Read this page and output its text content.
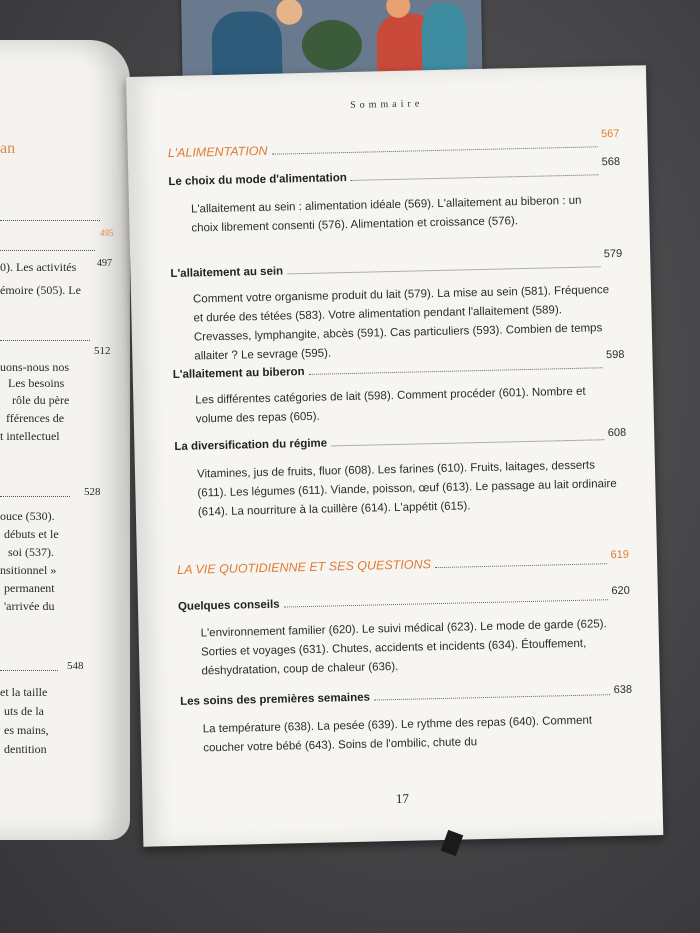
an
495
497
0). Les activités
émoire (505). Le
512
uons-nous nos
Les besoins
rôle du père
fférences de
t intellectuel
528
ouce (530).
débuts et le
soi (537).
nsitionnel »
permanent
'arrivée du
548
et la taille
uts de la
es mains,
dentition
Sommaire
L'ALIMENTATION
567
Le choix du mode d'alimentation
568
L'allaitement au sein : alimentation idéale (569). L'allaitement au biberon : un choix librement consenti (576). Alimentation et croissance (576).
L'allaitement au sein
579
Comment votre organisme produit du lait (579). La mise au sein (581). Fréquence et durée des tétées (583). Votre alimentation pendant l'allaitement (589). Crevasses, lymphangite, abcès (591). Cas particuliers (593). Combien de temps allaiter ? Le sevrage (595).
L'allaitement au biberon
598
Les différentes catégories de lait (598). Comment procéder (601). Nombre et volume des repas (605).
La diversification du régime
608
Vitamines, jus de fruits, fluor (608). Les farines (610). Fruits, laitages, desserts (611). Les légumes (611). Viande, poisson, œuf (613). Le passage au lait ordinaire (614). La nourriture à la cuillère (614). L'appétit (615).
LA VIE QUOTIDIENNE ET SES QUESTIONS
619
Quelques conseils
620
L'environnement familier (620). Le suivi médical (623). Le mode de garde (625). Sorties et voyages (631). Chutes, accidents et incidents (634). Étouffement, déshydratation, coup de chaleur (636).
Les soins des premières semaines
638
La température (638). La pesée (639). Le rythme des repas (640). Comment coucher votre bébé (643). Soins de l'ombilic, chute du
17
